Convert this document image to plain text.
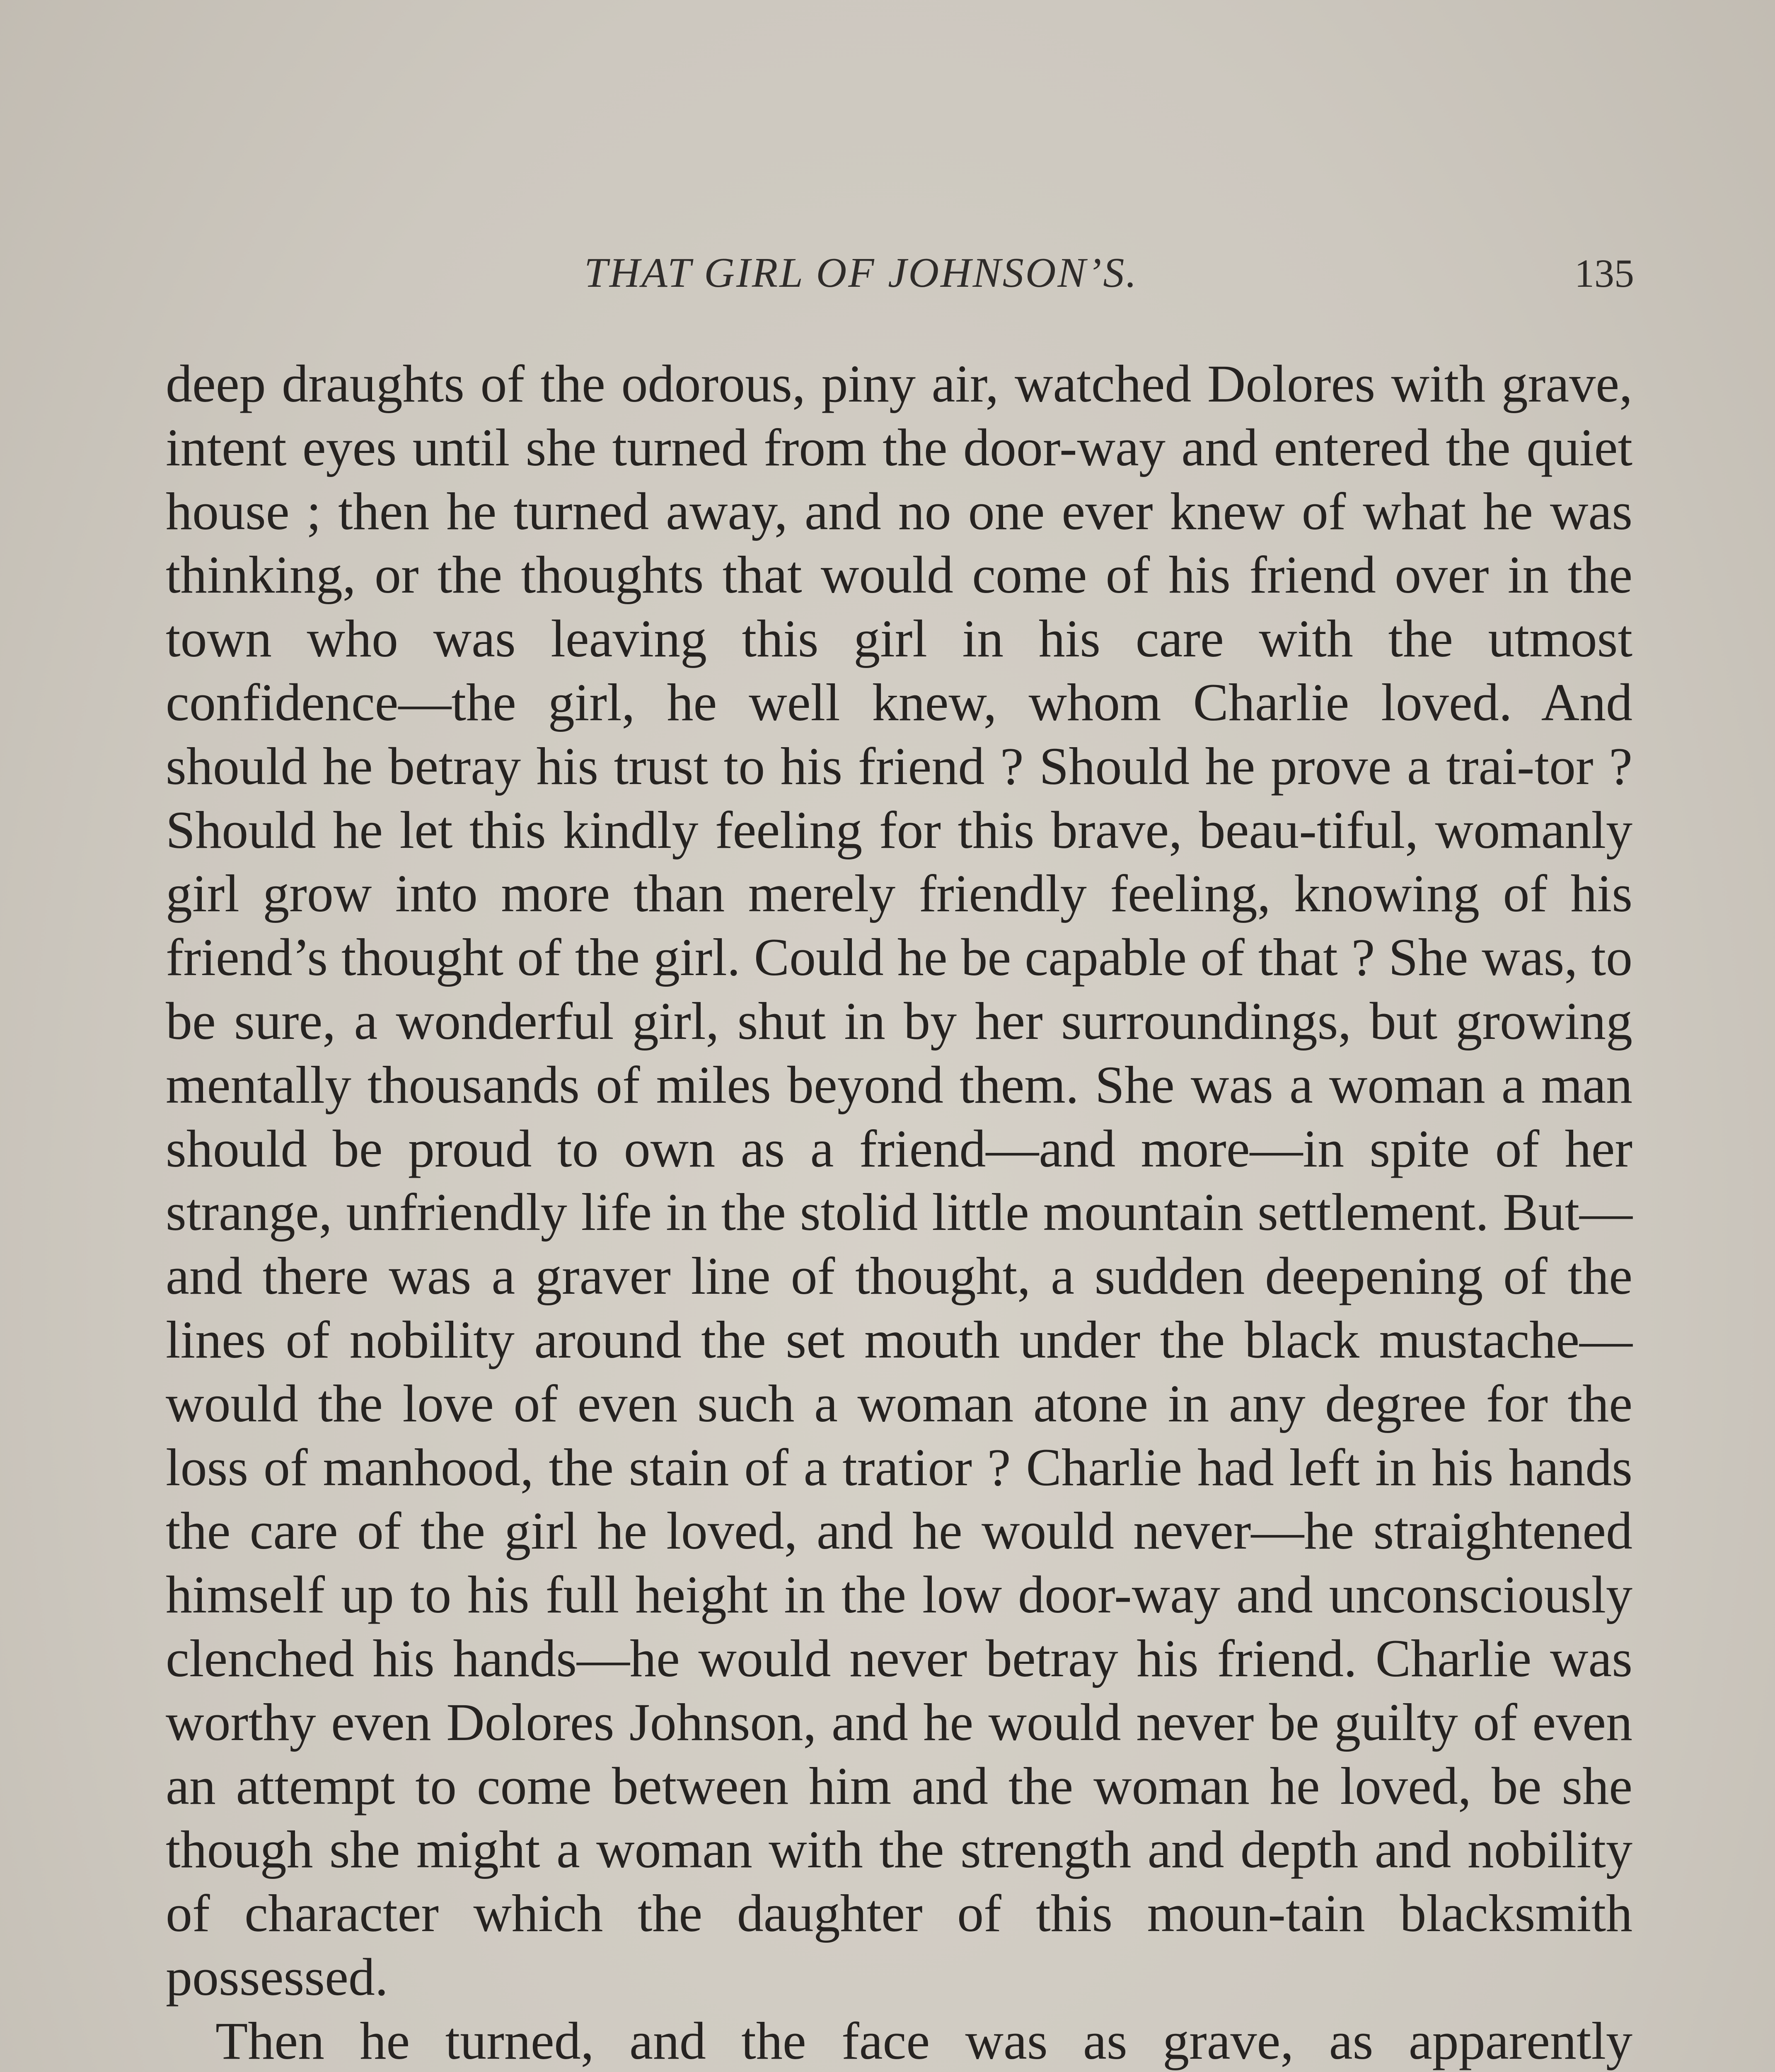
THAT GIRL OF JOHNSON’S.	135

deep draughts of the odorous, piny air, watched Dolores with grave, intent eyes until she turned from the door-way and entered the quiet house ; then he turned away, and no one ever knew of what he was thinking, or the thoughts that would come of his friend over in the town who was leaving this girl in his care with the utmost confidence—the girl, he well knew, whom Charlie loved. And should he betray his trust to his friend ? Should he prove a trai-tor ? Should he let this kindly feeling for this brave, beau-tiful, womanly girl grow into more than merely friendly feeling, knowing of his friend’s thought of the girl. Could he be capable of that ? She was, to be sure, a wonderful girl, shut in by her surroundings, but growing mentally thousands of miles beyond them. She was a woman a man should be proud to own as a friend—and more—in spite of her strange, unfriendly life in the stolid little mountain settlement. But—and there was a graver line of thought, a sudden deepening of the lines of nobility around the set mouth under the black mustache—would the love of even such a woman atone in any degree for the loss of manhood, the stain of a tratior ? Charlie had left in his hands the care of the girl he loved, and he would never—he straightened himself up to his full height in the low door-way and unconsciously clenched his hands—he would never betray his friend. Charlie was worthy even Dolores Johnson, and he would never be guilty of even an attempt to come between him and the woman he loved, be she though she might a woman with the strength and depth and nobility of character which the daughter of this moun-tain blacksmith possessed.

Then he turned, and the face was as grave, as apparently
